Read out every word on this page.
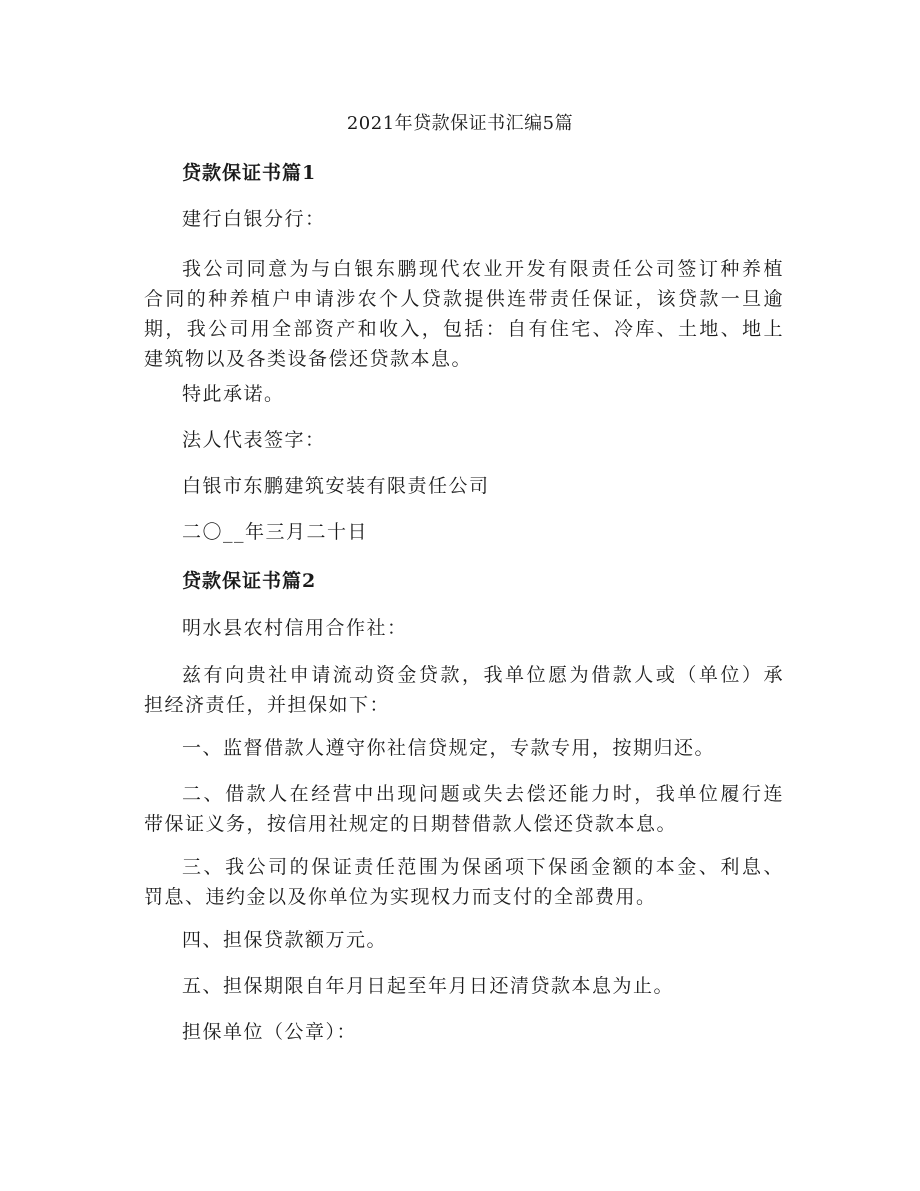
2021年贷款保证书汇编5篇
贷款保证书篇1
建行白银分行：
我公司同意为与白银东鹏现代农业开发有限责任公司签订种养植
合同的种养植户申请涉农个人贷款提供连带责任保证，该贷款一旦逾
期，我公司用全部资产和收入，包括：自有住宅、冷库、土地、地上
建筑物以及各类设备偿还贷款本息。
特此承诺。
法人代表签字：
白银市东鹏建筑安装有限责任公司
二〇__年三月二十日
贷款保证书篇2
明水县农村信用合作社：
兹有向贵社申请流动资金贷款，我单位愿为借款人或（单位）承
担经济责任，并担保如下：
一、监督借款人遵守你社信贷规定，专款专用，按期归还。
二、借款人在经营中出现问题或失去偿还能力时，我单位履行连
带保证义务，按信用社规定的日期替借款人偿还贷款本息。
三、我公司的保证责任范围为保函项下保函金额的本金、利息、
罚息、违约金以及你单位为实现权力而支付的全部费用。
四、担保贷款额万元。
五、担保期限自年月日起至年月日还清贷款本息为止。
担保单位（公章）：
